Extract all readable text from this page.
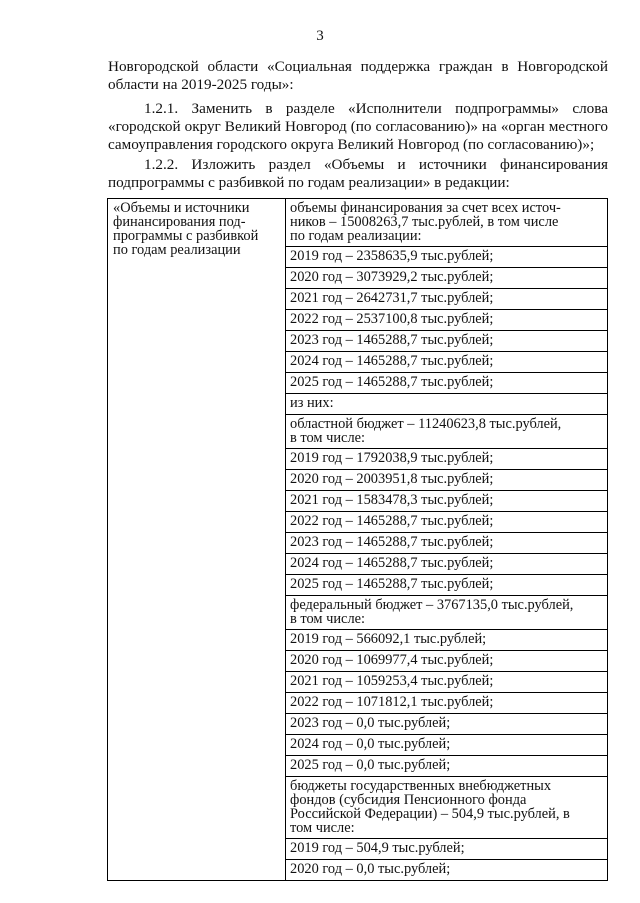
3
Новгородской области «Социальная поддержка граждан в Новгородской
области на 2019-2025 годы»:
1.2.1. Заменить в разделе «Исполнители подпрограммы» слова
«городской округ Великий Новгород (по согласованию)» на «орган местного
самоуправления городского округа Великий Новгород (по согласованию)»;
1.2.2. Изложить раздел «Объемы и источники финансирования
подпрограммы с разбивкой по годам реализации» в редакции:
«Объемы и источники
финансирования под-
программы с разбивкой
по годам реализации

объемы финансирования за счет всех источ-
ников – 15008263,7 тыс.рублей, в том числе
по годам реализации:
2019 год – 2358635,9 тыс.рублей;
2020 год – 3073929,2 тыс.рублей;
2021 год – 2642731,7 тыс.рублей;
2022 год – 2537100,8 тыс.рублей;
2023 год – 1465288,7 тыс.рублей;
2024 год – 1465288,7 тыс.рублей;
2025 год – 1465288,7 тыс.рублей;
из них:
областной бюджет – 11240623,8 тыс.рублей,
в том числе:
2019 год – 1792038,9 тыс.рублей;
2020 год – 2003951,8 тыс.рублей;
2021 год – 1583478,3 тыс.рублей;
2022 год – 1465288,7 тыс.рублей;
2023 год – 1465288,7 тыс.рублей;
2024 год – 1465288,7 тыс.рублей;
2025 год – 1465288,7 тыс.рублей;
федеральный бюджет – 3767135,0 тыс.рублей,
в том числе:
2019 год – 566092,1 тыс.рублей;
2020 год – 1069977,4 тыс.рублей;
2021 год – 1059253,4 тыс.рублей;
2022 год – 1071812,1 тыс.рублей;
2023 год – 0,0 тыс.рублей;
2024 год – 0,0 тыс.рублей;
2025 год – 0,0 тыс.рублей;
бюджеты государственных внебюджетных
фондов (субсидия Пенсионного фонда
Российской Федерации) – 504,9 тыс.рублей, в
том числе:
2019 год – 504,9 тыс.рублей;
2020 год – 0,0 тыс.рублей;
